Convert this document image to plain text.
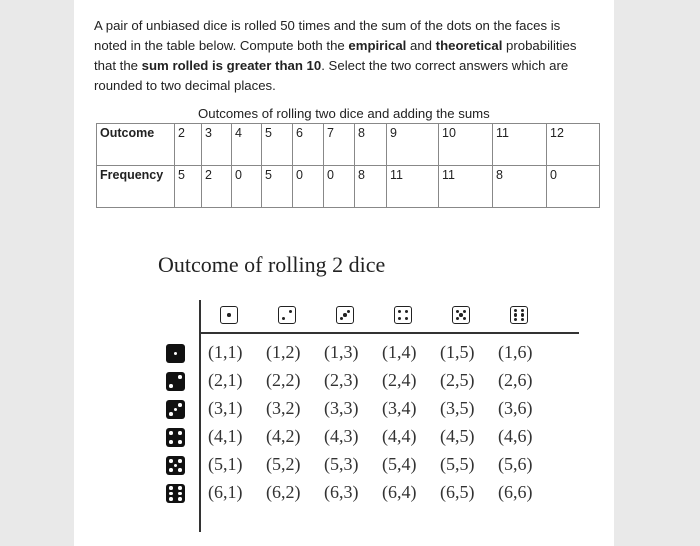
A pair of unbiased dice is rolled 50 times and the sum of the dots on the faces is noted in the table below. Compute both the empirical and theoretical probabilities that the sum rolled is greater than 10. Select the two correct answers which are rounded to two decimal places.
Outcomes of rolling two dice and adding the sums
Outcome	2	3	4	5	6	7	8	9	10	11	12
Frequency	5	2	0	5	0	0	8	11	11	8	0
Outcome of rolling 2 dice
(1,1)	(1,2)	(1,3)	(1,4)	(1,5)	(1,6)
(2,1)	(2,2)	(2,3)	(2,4)	(2,5)	(2,6)
(3,1)	(3,2)	(3,3)	(3,4)	(3,5)	(3,6)
(4,1)	(4,2)	(4,3)	(4,4)	(4,5)	(4,6)
(5,1)	(5,2)	(5,3)	(5,4)	(5,5)	(5,6)
(6,1)	(6,2)	(6,3)	(6,4)	(6,5)	(6,6)
